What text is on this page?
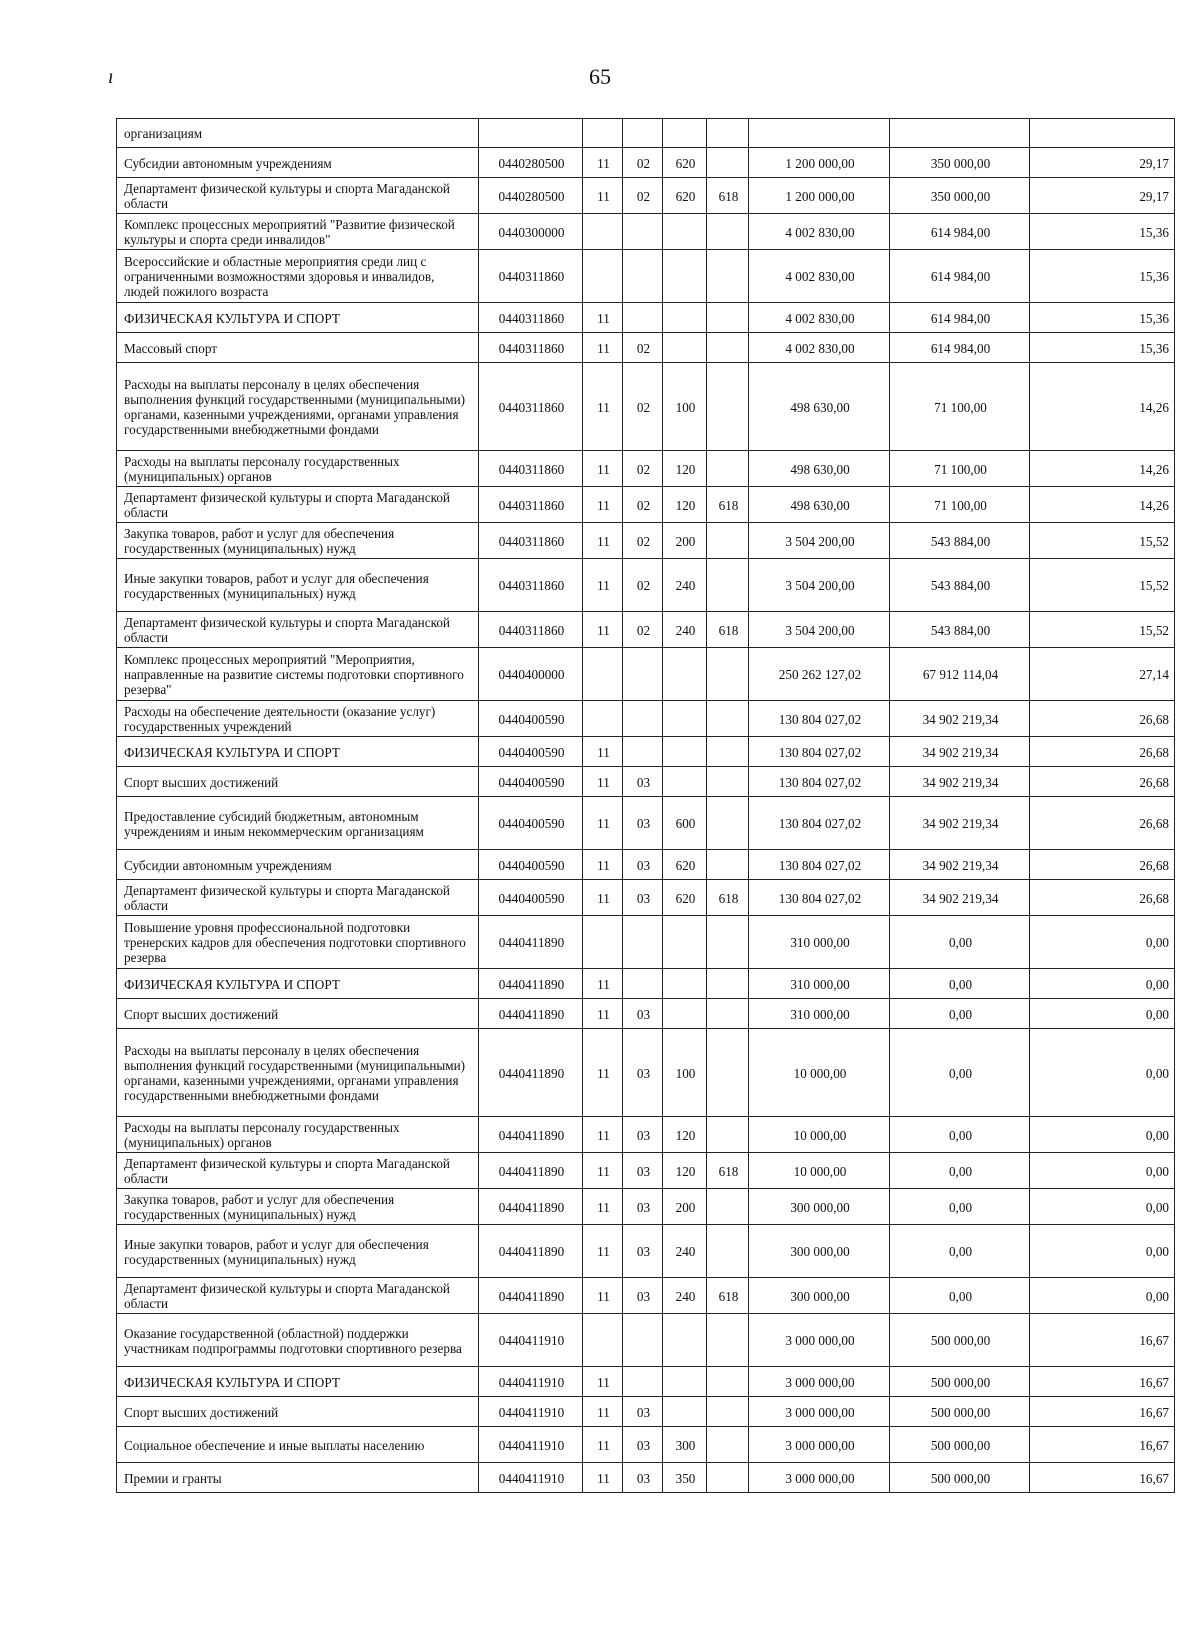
ı	65
организациям								
Субсидии автономным учреждениям	0440280500	11	02	620		1 200 000,00	350 000,00	29,17
Департамент физической культуры и спорта Магаданской области	0440280500	11	02	620	618	1 200 000,00	350 000,00	29,17
Комплекс процессных мероприятий "Развитие физической культуры и спорта среди инвалидов"	0440300000					4 002 830,00	614 984,00	15,36
Всероссийские и областные мероприятия среди лиц с ограниченными возможностями здоровья и инвалидов, людей пожилого возраста	0440311860					4 002 830,00	614 984,00	15,36
ФИЗИЧЕСКАЯ КУЛЬТУРА И СПОРТ	0440311860	11				4 002 830,00	614 984,00	15,36
Массовый спорт	0440311860	11	02			4 002 830,00	614 984,00	15,36
Расходы на выплаты персоналу в целях обеспечения выполнения функций государственными (муниципальными) органами, казенными учреждениями, органами управления государственными внебюджетными фондами	0440311860	11	02	100		498 630,00	71 100,00	14,26
Расходы на выплаты персоналу государственных (муниципальных) органов	0440311860	11	02	120		498 630,00	71 100,00	14,26
Департамент физической культуры и спорта Магаданской области	0440311860	11	02	120	618	498 630,00	71 100,00	14,26
Закупка товаров, работ и услуг для обеспечения государственных (муниципальных) нужд	0440311860	11	02	200		3 504 200,00	543 884,00	15,52
Иные закупки товаров, работ и услуг для обеспечения государственных (муниципальных) нужд	0440311860	11	02	240		3 504 200,00	543 884,00	15,52
Департамент физической культуры и спорта Магаданской области	0440311860	11	02	240	618	3 504 200,00	543 884,00	15,52
Комплекс процессных мероприятий "Мероприятия, направленные на развитие системы подготовки спортивного резерва"	0440400000					250 262 127,02	67 912 114,04	27,14
Расходы на обеспечение деятельности (оказание услуг) государственных учреждений	0440400590					130 804 027,02	34 902 219,34	26,68
ФИЗИЧЕСКАЯ КУЛЬТУРА И СПОРТ	0440400590	11				130 804 027,02	34 902 219,34	26,68
Спорт высших достижений	0440400590	11	03			130 804 027,02	34 902 219,34	26,68
Предоставление субсидий бюджетным, автономным учреждениям и иным некоммерческим организациям	0440400590	11	03	600		130 804 027,02	34 902 219,34	26,68
Субсидии автономным учреждениям	0440400590	11	03	620		130 804 027,02	34 902 219,34	26,68
Департамент физической культуры и спорта Магаданской области	0440400590	11	03	620	618	130 804 027,02	34 902 219,34	26,68
Повышение уровня профессиональной подготовки тренерских кадров для обеспечения подготовки спортивного резерва	0440411890					310 000,00	0,00	0,00
ФИЗИЧЕСКАЯ КУЛЬТУРА И СПОРТ	0440411890	11				310 000,00	0,00	0,00
Спорт высших достижений	0440411890	11	03			310 000,00	0,00	0,00
Расходы на выплаты персоналу в целях обеспечения выполнения функций государственными (муниципальными) органами, казенными учреждениями, органами управления государственными внебюджетными фондами	0440411890	11	03	100		10 000,00	0,00	0,00
Расходы на выплаты персоналу государственных (муниципальных) органов	0440411890	11	03	120		10 000,00	0,00	0,00
Департамент физической культуры и спорта Магаданской области	0440411890	11	03	120	618	10 000,00	0,00	0,00
Закупка товаров, работ и услуг для обеспечения государственных (муниципальных) нужд	0440411890	11	03	200		300 000,00	0,00	0,00
Иные закупки товаров, работ и услуг для обеспечения государственных (муниципальных) нужд	0440411890	11	03	240		300 000,00	0,00	0,00
Департамент физической культуры и спорта Магаданской области	0440411890	11	03	240	618	300 000,00	0,00	0,00
Оказание государственной (областной) поддержки участникам подпрограммы подготовки спортивного резерва	0440411910					3 000 000,00	500 000,00	16,67
ФИЗИЧЕСКАЯ КУЛЬТУРА И СПОРТ	0440411910	11				3 000 000,00	500 000,00	16,67
Спорт высших достижений	0440411910	11	03			3 000 000,00	500 000,00	16,67
Социальное обеспечение и иные выплаты населению	0440411910	11	03	300		3 000 000,00	500 000,00	16,67
Премии и гранты	0440411910	11	03	350		3 000 000,00	500 000,00	16,67
